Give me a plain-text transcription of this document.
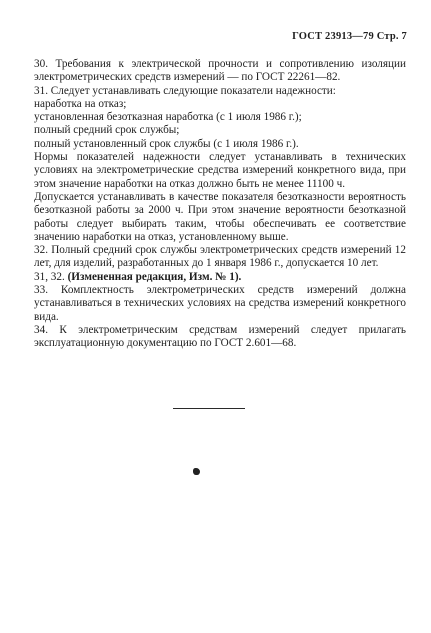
ГОСТ 23913—79 Стр. 7

30. Требования к электрической прочности и сопротивлению изоляции электрометрических средств измерений — по ГОСТ 22261—82.

31. Следует устанавливать следующие показатели надежности:

наработка на отказ;

установленная безотказная наработка (с 1 июля 1986 г.);

полный средний срок службы;

полный установленный срок службы (с 1 июля 1986 г.).

Нормы показателей надежности следует устанавливать в технических условиях на электрометрические средства измерений конкретного вида, при этом значение наработки на отказ должно быть не менее 11100 ч.

Допускается устанавливать в качестве показателя безотказности вероятность безотказной работы за 2000 ч. При этом значение вероятности безотказной работы следует выбирать таким, чтобы обеспечивать ее соответствие значению наработки на отказ, установленному выше.

32. Полный средний срок службы электрометрических средств измерений 12 лет, для изделий, разработанных до 1 января 1986 г., допускается 10 лет.

31, 32. (Измененная редакция, Изм. № 1).

33. Комплектность электрометрических средств измерений должна устанавливаться в технических условиях на средства измерений конкретного вида.

34. К электрометрическим средствам измерений следует прилагать эксплуатационную документацию по ГОСТ 2.601—68.
